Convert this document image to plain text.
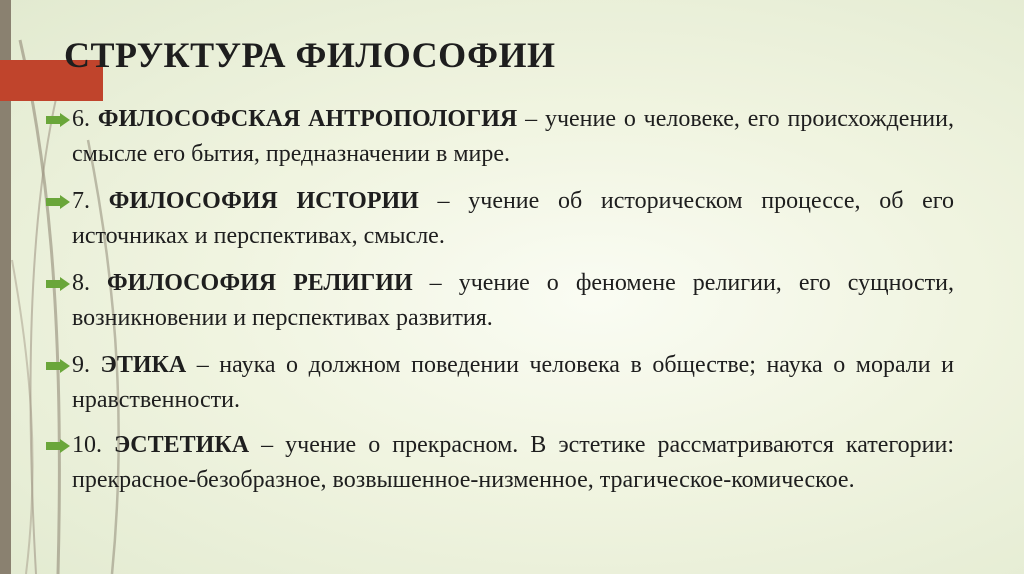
СТРУКТУРА ФИЛОСОФИИ
6. ФИЛОСОФСКАЯ АНТРОПОЛОГИЯ – учение о человеке, его происхождении, смысле его бытия, предназначении в мире.
7. ФИЛОСОФИЯ ИСТОРИИ – учение об историческом процессе, об его источниках и перспективах, смысле.
8. ФИЛОСОФИЯ РЕЛИГИИ – учение о феномене религии, его сущности, возникновении и перспективах развития.
9. ЭТИКА – наука о должном поведении человека в обществе; наука о морали и нравственности.
10. ЭСТЕТИКА – учение о прекрасном. В эстетике рассматриваются категории: прекрасное-безобразное, возвышенное-низменное, трагическое-комическое.
